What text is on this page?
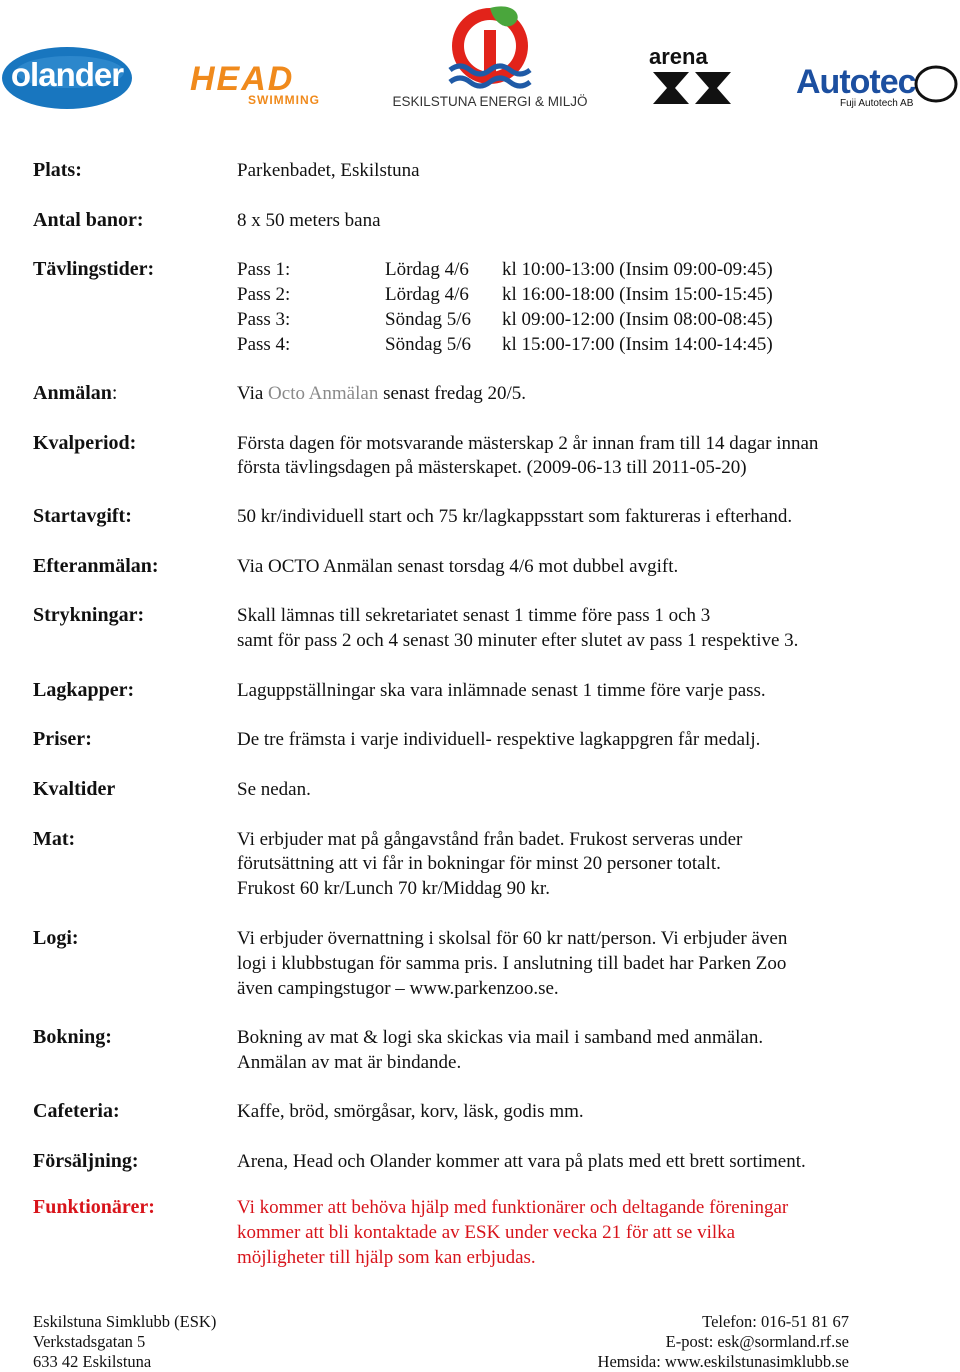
olander	HEAD
SWIMMING	ESKILSTUNA ENERGI & MILJÖ
arena
Autotec
Fuji Autotech AB
Plats:	Parkenbadet, Eskilstuna
Antal banor:	8 x 50 meters bana
Tävlingstider:	Pass 1:	Lördag 4/6 kl 10:00-13:00 (Insim 09:00-09:45)
Pass 2:	Lördag 4/6 kl 16:00-18:00 (Insim 15:00-15:45)
Pass 3:	Söndag 5/6 kl 09:00-12:00 (Insim 08:00-08:45)
Pass 4:	Söndag 5/6 kl 15:00-17:00 (Insim 14:00-14:45)
Anmälan:	Via Octo Anmälan senast fredag 20/5.
Kvalperiod:	Första dagen för motsvarande mästerskap 2 år innan fram till 14 dagar innan
första tävlingsdagen på mästerskapet. (2009-06-13 till 2011-05-20)
Startavgift:	50 kr/individuell start och 75 kr/lagkappsstart som faktureras i efterhand.
Efteranmälan:	Via OCTO Anmälan senast torsdag 4/6 mot dubbel avgift.
Strykningar:	Skall lämnas till sekretariatet senast 1 timme före pass 1 och 3
samt för pass 2 och 4 senast 30 minuter efter slutet av pass 1 respektive 3.
Lagkapper:	Laguppställningar ska vara inlämnade senast 1 timme före varje pass.
Priser:	De tre främsta i varje individuell- respektive lagkappgren får medalj.
Kvaltider	Se nedan.
Mat:	Vi erbjuder mat på gångavstånd från badet. Frukost serveras under
förutsättning att vi får in bokningar för minst 20 personer totalt.
Frukost 60 kr/Lunch 70 kr/Middag 90 kr.
Logi:	Vi erbjuder övernattning i skolsal för 60 kr natt/person. Vi erbjuder även
logi i klubbstugan för samma pris. I anslutning till badet har Parken Zoo
även campingstugor – www.parkenzoo.se.
Bokning:	Bokning av mat & logi ska skickas via mail i samband med anmälan.
Anmälan av mat är bindande.
Cafeteria:	Kaffe, bröd, smörgåsar, korv, läsk, godis mm.
Försäljning:	Arena, Head och Olander kommer att vara på plats med ett brett sortiment.
Funktionärer:	Vi kommer att behöva hjälp med funktionärer och deltagande föreningar
kommer att bli kontaktade av ESK under vecka 21 för att se vilka
möjligheter till hjälp som kan erbjudas.
Eskilstuna Simklubb (ESK)
Verkstadsgatan 5
633 42 Eskilstuna
Telefon: 016-51 81 67
E-post: esk@sormland.rf.se
Hemsida: www.eskilstunasimklubb.se
